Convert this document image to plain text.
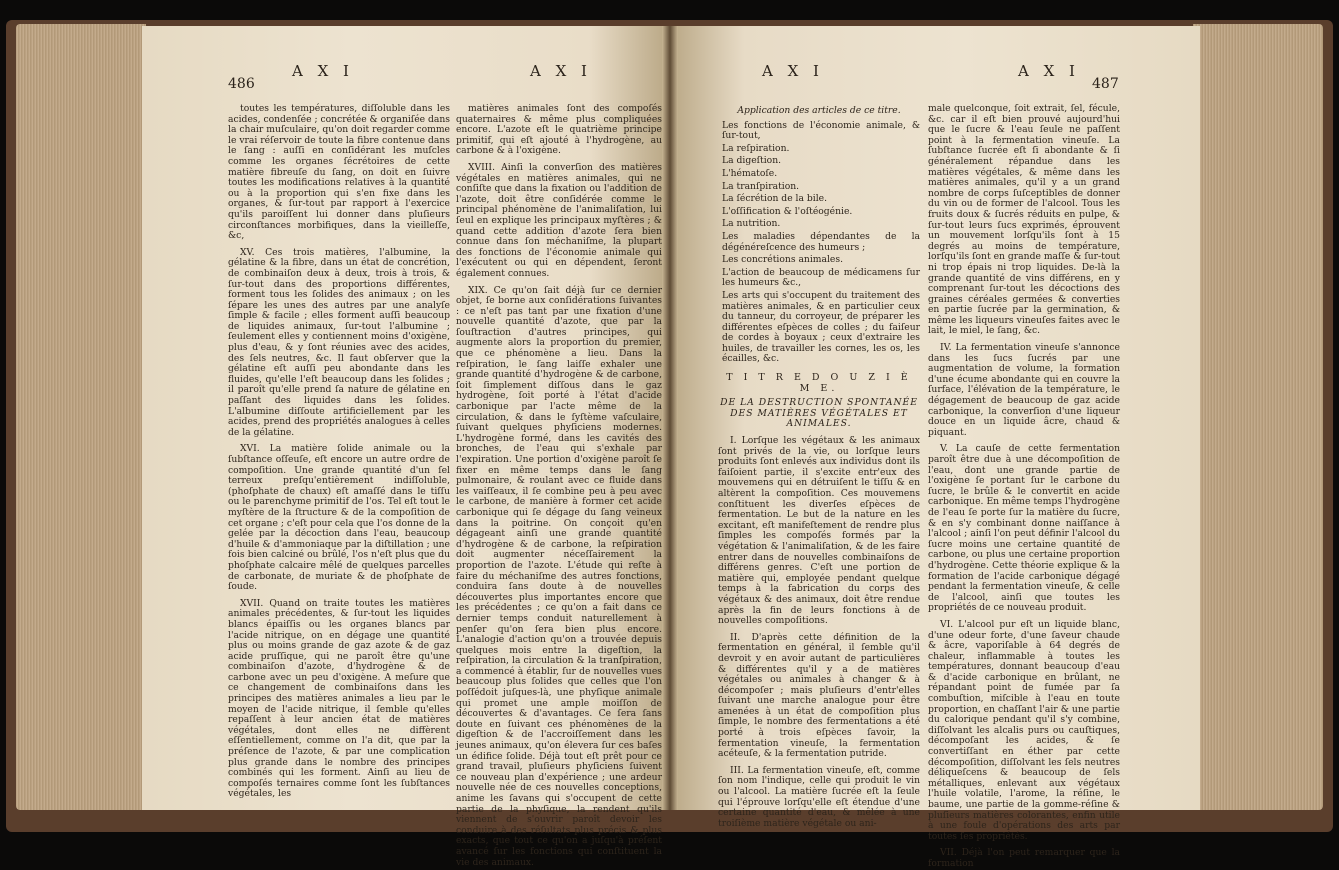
486
A X I	A X I	A X I	A X I
487

toutes les températures, diſſoluble dans les acides, condenſée ; concrétée & organiſée dans la chair muſculaire, qu'on doit regarder comme le vrai réſervoir de toute la fibre contenue dans le ſang : auſſi en conſidérant les muſcles comme les organes ſécrétoires de cette matière fibreuſe du ſang, on doit en ſuivre toutes les modifications relatives à la quantité ou à la proportion qui s'en fixe dans les organes, & ſur-tout par rapport à l'exercice qu'ils paroiſſent lui donner dans pluſieurs circonſtances morbifiques, dans la vieilleſſe, &c,

XV. Ces trois matières, l'albumine, la gélatine & la fibre, dans un état de concrétion, de combinaiſon deux à deux, trois à trois, & ſur-tout dans des proportions différentes, forment tous les ſolides des animaux ; on les ſépare les unes des autres par une analyſe ſimple & facile ; elles forment auſſi beaucoup de liquides animaux, ſur-tout l'albumine ; ſeulement elles y contiennent moins d'oxigène, plus d'eau, & y ſont réunies avec des acides, des ſels neutres, &c. Il faut obſerver que la gélatine eſt auſſi peu abondante dans les fluides, qu'elle l'eſt beaucoup dans les ſolides ; il paroît qu'elle prend ſa nature de gélatine en paſſant des liquides dans les ſolides. L'albumine diſſoute artificiellement par les acides, prend des propriétés analogues à celles de la gélatine.

XVI. La matière ſolide animale ou la ſubſtance oſſeuſe, eſt encore un autre ordre de compoſition. Une grande quantité d'un ſel terreux preſqu'entièrement indiſſoluble, (phoſphate de chaux) eſt amaſſé dans le tiſſu ou le parenchyme primitif de l'os. Tel eſt tout le myſtère de la ſtructure & de la compoſition de cet organe ; c'eſt pour cela que l'os donne de la gelée par la décoction dans l'eau, beaucoup d'huile & d'ammoniaque par la diſtillation ; une fois bien calciné ou brûlé, l'os n'eſt plus que du phoſphate calcaire mêlé de quelques parcelles de carbonate, de muriate & de phoſphate de ſoude.

XVII. Quand on traite toutes les matières animales précédentes, & ſur-tout les liquides blancs épaiſſis ou les organes blancs par l'acide nitrique, on en dégage une quantité plus ou moins grande de gaz azote & de gaz acide pruſſique, qui ne paroît être qu'une combinaiſon d'azote, d'hydrogène & de carbone avec un peu d'oxigène. A meſure que ce changement de combinaiſons dans les principes des matières animales a lieu par le moyen de l'acide nitrique, il ſemble qu'elles repaſſent à leur ancien état de matières végétales, dont elles ne diffèrent eſſentiellement, comme on l'a dit, que par la préſence de l'azote, & par une complication plus grande dans le nombre des principes combinés qui les forment. Ainſi au lieu de compoſés ternaires comme ſont les ſubſtances végétales, les

matières animales ſont des compoſés quaternaires & même plus compliquées encore. L'azote eſt le quatrième principe primitif, qui eſt ajouté à l'hydrogène, au carbone & à l'oxigène.

XVIII. Ainſi la converſion des matières végétales en matières animales, qui ne conſiſte que dans la fixation ou l'addition de l'azote, doit être conſidérée comme le principal phénomène de l'animaliſation, lui ſeul en explique les principaux myſtères ; & quand cette addition d'azote ſera bien connue dans ſon méchaniſme, la plupart des fonctions de l'économie animale qui l'exécutent ou qui en dépendent, ſeront également connues.

XIX. Ce qu'on ſait déjà ſur ce dernier objet, ſe borne aux conſidérations ſuivantes : ce n'eſt pas tant par une fixation d'une nouvelle quantité d'azote, que par la ſouſtraction d'autres principes, qui augmente alors la proportion du premier, que ce phénomène a lieu. Dans la reſpiration, le ſang laiſſe exhaler une grande quantité d'hydrogène & de carbone, ſoit ſimplement diſſous dans le gaz hydrogène, ſoit porté à l'état d'acide carbonique par l'acte même de la circulation, & dans le ſyſtème vaſculaire, ſuivant quelques phyſiciens modernes. L'hydrogène formé, dans les cavités des bronches, de l'eau qui s'exhale par l'expiration. Une portion d'oxigène paroît ſe fixer en même temps dans le ſang pulmonaire, & roulant avec ce fluide dans les vaiſſeaux, il ſe combine peu à peu avec le carbone, de manière à former cet acide carbonique qui ſe dégage du ſang veineux dans la poitrine. On conçoit qu'en dégageant ainſi une grande quantité d'hydrogène & de carbone, la reſpiration doit augmenter néceſſairement la proportion de l'azote. L'étude qui reſte à faire du méchaniſme des autres fonctions, conduira ſans doute à de nouvelles découvertes plus importantes encore que les précédentes ; ce qu'on a fait dans ce dernier temps conduit naturellement à penſer qu'on ſera bien plus encore. L'analogie d'action qu'on a trouvée depuis quelques mois entre la digeſtion, la reſpiration, la circulation & la tranſpiration, a commencé à établir, ſur de nouvelles vues beaucoup plus ſolides que celles que l'on poſſédoit juſques-là, une phyſique animale qui promet une ample moiſſon de découvertes & d'avantages. Ce ſera ſans doute en ſuivant ces phénomènes de la digeſtion & de l'accroiſſement dans les jeunes animaux, qu'on élevera ſur ces baſes un édifice ſolide. Déjà tout eſt prêt pour ce grand travail, pluſieurs phyſiciens ſuivent ce nouveau plan d'expérience ; une ardeur nouvelle née de ces nouvelles conceptions, anime les ſavans qui s'occupent de cette partie de la phyſique, la rendent qu'ils viennent de s'ouvrir paroît devoir les conduire à des réſultats plus précis & plus exacts, que tout ce qu'on a juſqu'à préſent avancé ſur les fonctions qui conſtituent la vie des animaux.

Application des articles de ce titre.

Les fonctions de l'économie animale, & ſur-tout,

La reſpiration.

La digeſtion.

L'hématoſe.

La tranſpiration.

La ſécrétion de la bile.

L'oſſification & l'oſtéogénie.

La nutrition.

Les maladies dépendantes de la dégénéreſcence des humeurs ;

Les concrétions animales.

L'action de beaucoup de médicamens ſur les humeurs &c.,

Les arts qui s'occupent du traitement des matières animales, & en particulier ceux du tanneur, du corroyeur, de préparer les différentes eſpèces de colles ; du faiſeur de cordes à boyaux ; ceux d'extraire les huiles, de travailler les cornes, les os, les écailles, &c.

T I T R E D O U Z I È M E.

DE LA DESTRUCTION SPONTANÉE DES MATIÈRES VÉGÉTALES ET ANIMALES.

I. Lorſque les végétaux & les animaux ſont privés de la vie, ou lorſque leurs produits ſont enlevés aux individus dont ils faiſoient partie, il s'excite entr'eux des mouvemens qui en détruiſent le tiſſu & en altèrent la compoſition. Ces mouvemens conſtituent les diverſes eſpèces de fermentation. Le but de la nature en les excitant, eſt manifeſtement de rendre plus ſimples les compoſés formés par la végétation & l'animaliſation, & de les faire entrer dans de nouvelles combinaiſons de différens genres. C'eſt une portion de matière qui, employée pendant quelque temps à la fabrication du corps des végétaux & des animaux, doit être rendue après la fin de leurs fonctions à de nouvelles compoſitions.

II. D'après cette définition de la fermentation en général, il ſemble qu'il devroit y en avoir autant de particulières & différentes qu'il y a de matières végétales ou animales à changer & à décompoſer ; mais pluſieurs d'entr'elles ſuivant une marche analogue pour être amenées à un état de compoſition plus ſimple, le nombre des fermentations a été porté à trois eſpèces ſavoir, la fermentation vineuſe, la fermentation acéteuſe, & la fermentation putride.

III. La fermentation vineuſe, eſt, comme ſon nom l'indique, celle qui produit le vin ou l'alcool. La matière ſucrée eſt la ſeule qui l'éprouve lorſqu'elle eſt étendue d'une certaine quantité d'eau, & mêlée à une troiſième matière végétale ou ani-

male quelconque, ſoit extrait, ſel, fécule, &c. car il eſt bien prouvé aujourd'hui que le ſucre & l'eau ſeule ne paſſent point à la fermentation vineuſe. La ſubſtance ſucrée eſt ſi abondante & ſi généralement répandue dans les matières végétales, & même dans les matières animales, qu'il y a un grand nombre de corps ſuſceptibles de donner du vin ou de former de l'alcool. Tous les fruits doux & ſucrés réduits en pulpe, & ſur-tout leurs ſucs exprimés, éprouvent un mouvement lorſqu'ils ſont à 15 degrés au moins de température, lorſqu'ils ſont en grande maſſe & ſur-tout ni trop épais ni trop liquides. De-là la grande quantité de vins différens, en y comprenant ſur-tout les décoctions des graines céréales germées & converties en partie ſucrée par la germination, & même les liqueurs vineuſes faites avec le lait, le miel, le ſang, &c.

IV. La fermentation vineuſe s'annonce dans les ſucs ſucrés par une augmentation de volume, la formation d'une écume abondante qui en couvre la ſurface, l'élévation de la température, le dégagement de beaucoup de gaz acide carbonique, la converſion d'une liqueur douce en un liquide âcre, chaud & piquant.

V. La cauſe de cette fermentation paroît être due à une décompoſition de l'eau, dont une grande partie de l'oxigène ſe portant ſur le carbone du ſucre, le brûle & le convertit en acide carbonique. En même temps l'hydrogène de l'eau ſe porte ſur la matière du ſucre, & en s'y combinant donne naiſſance à l'alcool ; ainſi l'on peut définir l'alcool du ſucre moins une certaine quantité de carbone, ou plus une certaine proportion d'hydrogène. Cette théorie explique & la formation de l'acide carbonique dégagé pendant la fermentation vineuſe, & celle de l'alcool, ainſi que toutes les propriétés de ce nouveau produit.

VI. L'alcool pur eſt un liquide blanc, d'une odeur forte, d'une ſaveur chaude & âcre, vaporiſable à 64 degrés de chaleur, inflammable à toutes les températures, donnant beaucoup d'eau & d'acide carbonique en brûlant, ne répandant point de fumée par ſa combuſtion, miſcible à l'eau en toute proportion, en chaſſant l'air & une partie du calorique pendant qu'il s'y combine, diſſolvant les alcalis purs ou cauſtiques, décompoſant les acides, & ſe convertiſſant en éther par cette décompoſition, diſſolvant les ſels neutres déliqueſcens & beaucoup de ſels métalliques, enlevant aux végétaux l'huile volatile, l'arome, la réſine, le baume, une partie de la gomme-réſine & pluſieurs matières colorantes, enfin utile à une foule d'opérations des arts par toutes ſes propriétés.

VII. Déjà l'on peut remarquer que la formation
